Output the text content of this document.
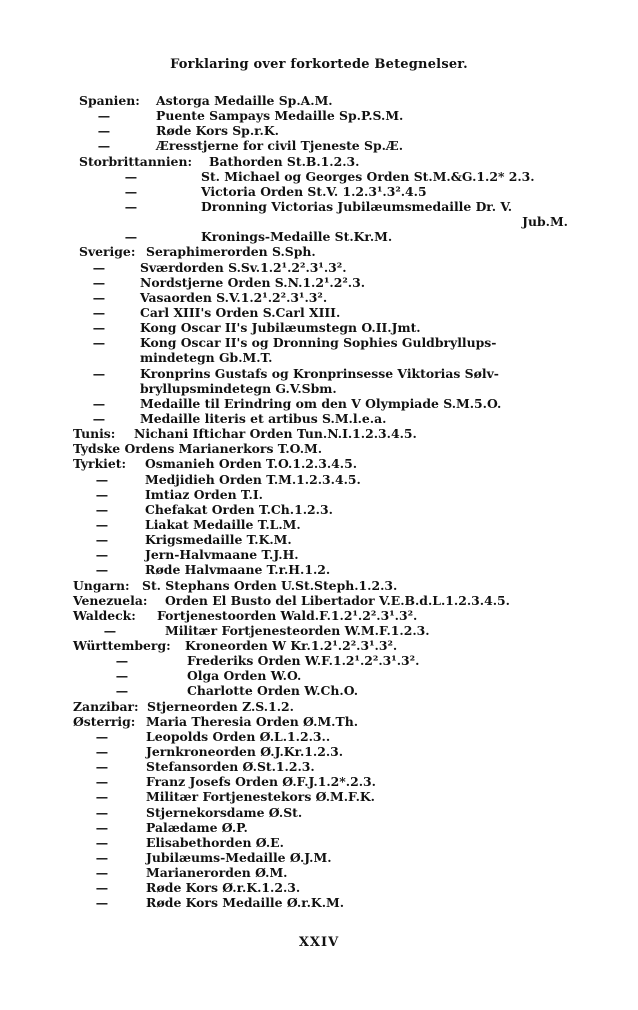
Forklaring over forkortede Betegnelser.
Spanien: Astorga Medaille Sp.A.M.
—	Puente Sampays Medaille Sp.P.S.M.
—	Røde Kors Sp.r.K.
—	Æresstjerne for civil Tjeneste Sp.Æ.
Storbrittannien: Bathorden St.B.1.2.3.
—	St. Michael og Georges Orden St.M.&G.1.2* 2.3.
—	Victoria Orden St.V. 1.2.3¹.3².4.5
—	Dronning Victorias Jubilæumsmedaille Dr. V.
Jub.M.
—	Kronings-Medaille St.Kr.M.
Sverige: Seraphimerorden S.Sph.
—	Sværdorden S.Sv.1.2¹.2².3¹.3².
—	Nordstjerne Orden S.N.1.2¹.2².3.
—	Vasaorden S.V.1.2¹.2².3¹.3².
—	Carl XIII's Orden S.Carl XIII.
—	Kong Oscar II's Jubilæumstegn O.II.Jmt.
—	Kong Oscar II's og Dronning Sophies Guldbryllups-
mindetegn Gb.M.T.
—	Kronprins Gustafs og Kronprinsesse Viktorias Sølv-
bryllupsmindetegn G.V.Sbm.
—	Medaille til Erindring om den V Olympiade S.M.5.O.
—	Medaille literis et artibus S.M.l.e.a.
Tunis: Nichani Iftichar Orden Tun.N.I.1.2.3.4.5.
Tydske Ordens Marianerkors T.O.M.
Tyrkiet: Osmanieh Orden T.O.1.2.3.4.5.
—	Medjidieh Orden T.M.1.2.3.4.5.
—	Imtiaz Orden T.I.
—	Chefakat Orden T.Ch.1.2.3.
—	Liakat Medaille T.L.M.
—	Krigsmedaille T.K.M.
—	Jern-Halvmaane T.J.H.
—	Røde Halvmaane T.r.H.1.2.
Ungarn: St. Stephans Orden U.St.Steph.1.2.3.
Venezuela: Orden El Busto del Libertador V.E.B.d.L.1.2.3.4.5.
Waldeck: Fortjenestoorden Wald.F.1.2¹.2².3¹.3².
—	Militær Fortjenesteorden W.M.F.1.2.3.
Württemberg: Kroneorden W Kr.1.2¹.2².3¹.3².
—	Frederiks Orden W.F.1.2¹.2².3¹.3².
—	Olga Orden W.O.
—	Charlotte Orden W.Ch.O.
Zanzibar: Stjerneorden Z.S.1.2.
Østerrig: Maria Theresia Orden Ø.M.Th.
—	Leopolds Orden Ø.L.1.2.3..
—	Jernkroneorden Ø.J.Kr.1.2.3.
—	Stefansorden Ø.St.1.2.3.
—	Franz Josefs Orden Ø.F.J.1.2*.2.3.
—	Militær Fortjenestekors Ø.M.F.K.
—	Stjernekorsdame Ø.St.
—	Palædame Ø.P.
—	Elisabethorden Ø.E.
—	Jubilæums-Medaille Ø.J.M.
—	Marianerorden Ø.M.
—	Røde Kors Ø.r.K.1.2.3.
—	Røde Kors Medaille Ø.r.K.M.
XXIV
